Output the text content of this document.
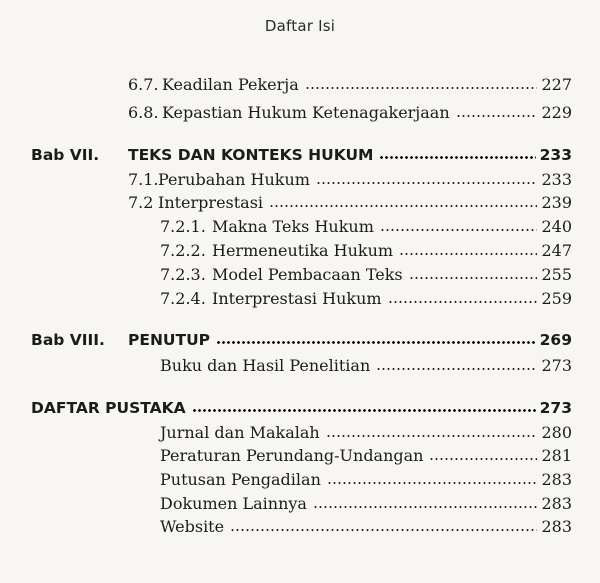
Daftar Isi
6.7. Keadilan Pekerja	227
6.8. Kepastian Hukum Ketenagakerjaan	229
Bab VII. TEKS DAN KONTEKS HUKUM	233
7.1. Perubahan Hukum	233
7.2 Interprestasi	239
7.2.1. Makna Teks Hukum	240
7.2.2. Hermeneutika Hukum	247
7.2.3. Model Pembacaan Teks	255
7.2.4. Interprestasi Hukum	259
Bab VIII. PENUTUP	269
Buku dan Hasil Penelitian	273
DAFTAR PUSTAKA	273
Jurnal dan Makalah	280
Peraturan Perundang-Undangan	281
Putusan Pengadilan	283
Dokumen Lainnya	283
Website	283
